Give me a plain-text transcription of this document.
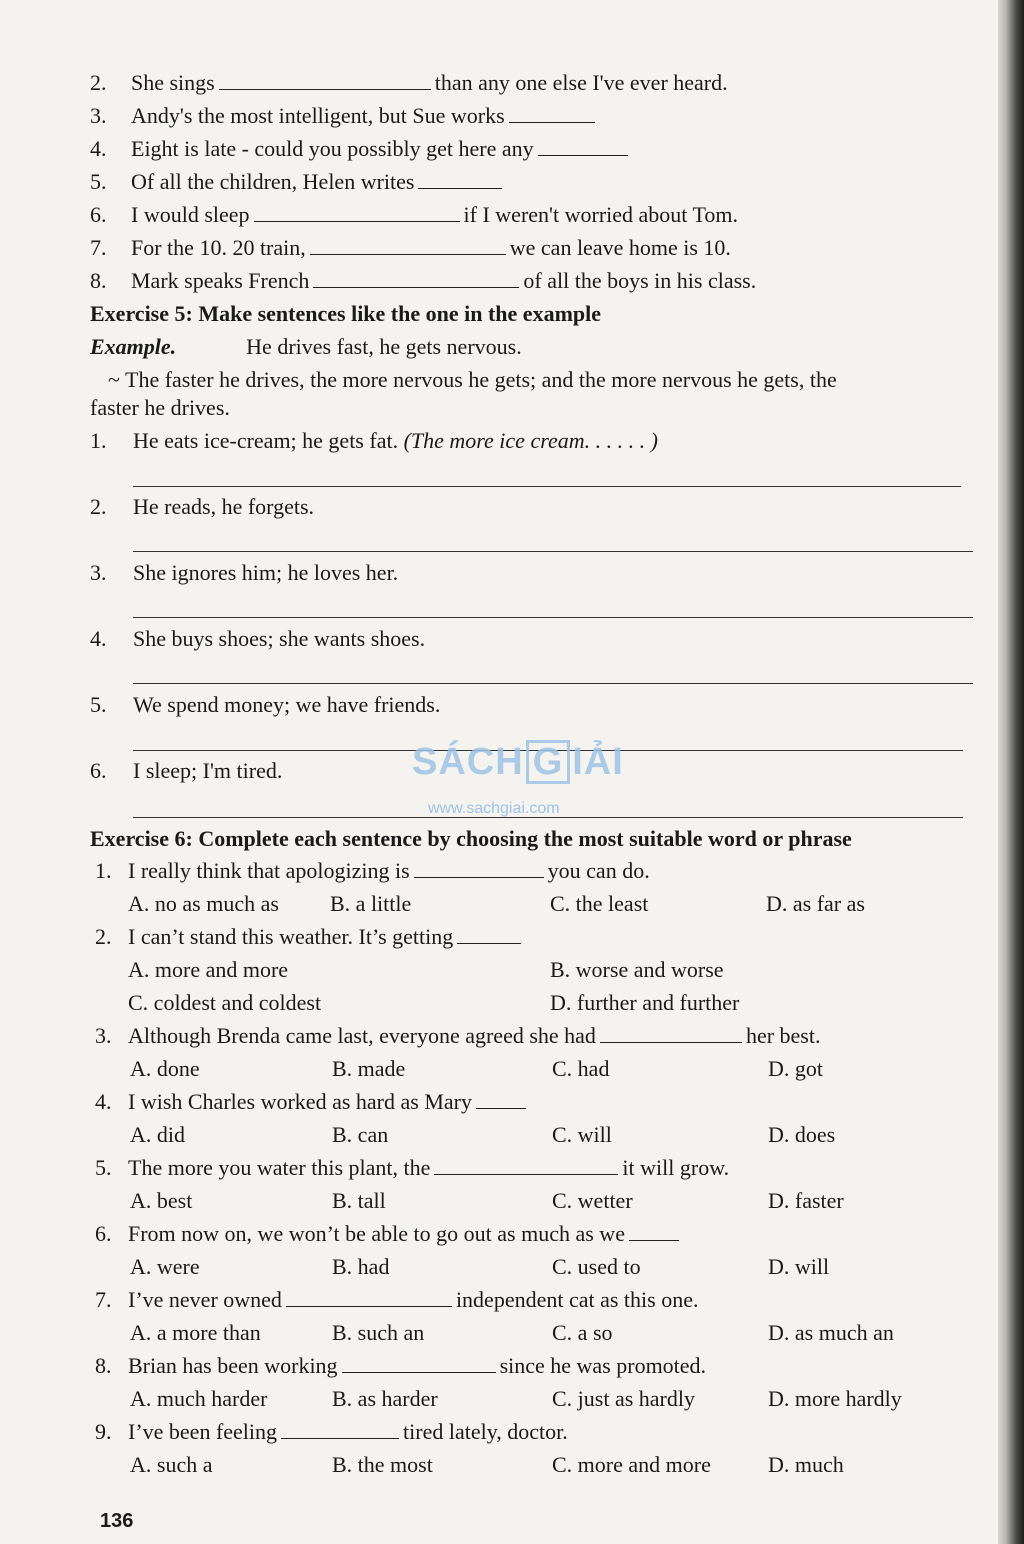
2. She sings	than any one else I've ever heard.
3. Andy's the most intelligent, but Sue works
4. Eight is late - could you possibly get here any
5. Of all the children, Helen writes
6. I would sleep	if I weren't worried about Tom.
7. For the 10. 20 train,	we can leave home is 10.
8. Mark speaks French	of all the boys in his class.
Exercise 5: Make sentences like the one in the example
Example.	He drives fast, he gets nervous.
~ The faster he drives, the more nervous he gets; and the more nervous he gets, the
faster he drives.
1. He eats ice-cream; he gets fat. (The more ice cream. . . . . . )
2. He reads, he forgets.
3. She ignores him; he loves her.
4. She buys shoes; she wants shoes.
5. We spend money; we have friends.
6. I sleep; I'm tired.	SÁCH G IẢI
www.sachgiai.com
Exercise 6: Complete each sentence by choosing the most suitable word or phrase
1. I really think that apologizing is	you can do.
A. no as much as B. a little	C. the least	D. as far as
2. I can’t stand this weather. It’s getting
A. more and more	B. worse and worse
C. coldest and coldest	D. further and further
3. Although Brenda came last, everyone agreed she had	her best.
A. done	B. made	C. had	D. got
4. I wish Charles worked as hard as Mary
A. did	B. can	C. will	D. does
5. The more you water this plant, the	it will grow.
A. best	B. tall	C. wetter	D. faster
6. From now on, we won’t be able to go out as much as we
A. were	B. had	C. used to	D. will
7. I’ve never owned	independent cat as this one.
A. a more than	B. such an	C. a so	D. as much an
8. Brian has been working	since he was promoted.
A. much harder	B. as harder	C. just as hardly	D. more hardly
9. I’ve been feeling	tired lately, doctor.
A. such a	B. the most	C. more and more	D. much
136
